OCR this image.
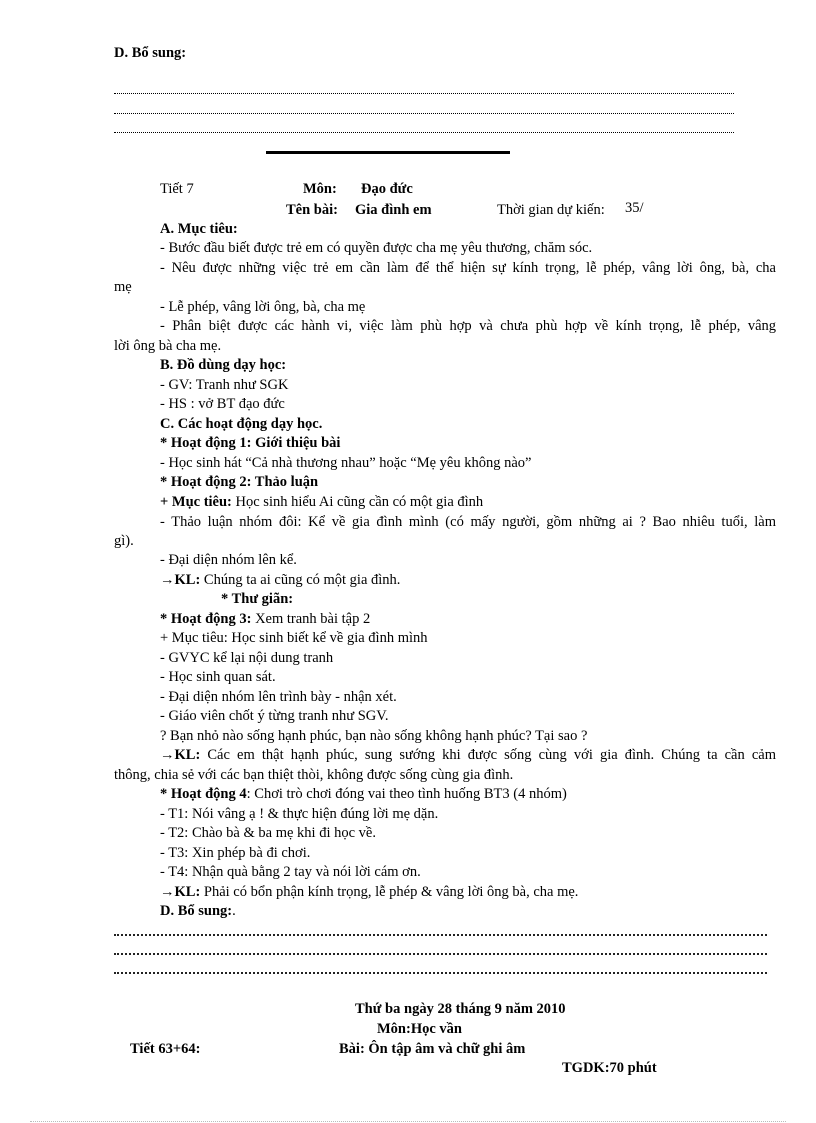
D. Bổ sung:
Tiết 7	Môn: Đạo đức
Tên bài: Gia đình em	Thời gian dự kiến: 35/
A. Mục tiêu:
- Bước đầu biết được trẻ em có quyền được cha mẹ yêu thương, chăm sóc.
- Nêu được những việc trẻ em cần làm để thể hiện sự kính trọng, lễ phép, vâng lời ông, bà, cha
mẹ
- Lễ phép, vâng lời ông, bà, cha mẹ
- Phân biệt được các hành vi, việc làm phù hợp và chưa phù hợp về kính trọng, lễ phép, vâng
lời ông bà cha mẹ.
B. Đồ dùng dạy học:
- GV: Tranh như SGK
- HS : vở BT đạo đức
C. Các hoạt động dạy học.
* Hoạt động 1: Giới thiệu bài
- Học sinh hát “Cả nhà thương nhau” hoặc “Mẹ yêu không nào”
* Hoạt động 2: Thảo luận
+ Mục tiêu: Học sinh hiểu Ai cũng cần có một gia đình
- Thảo luận nhóm đôi: Kể về gia đình mình (có mấy người, gồm những ai ? Bao nhiêu tuổi, làm
gì).
- Đại diện nhóm lên kể.
→KL: Chúng ta ai cũng có một gia đình.
* Thư giãn:
* Hoạt động 3: Xem tranh bài tập 2
+ Mục tiêu: Học sinh biết kể về gia đình mình
- GVYC kể lại nội dung tranh
- Học sinh quan sát.
- Đại diện nhóm lên trình bày - nhận xét.
- Giáo viên chốt ý từng tranh như SGV.
? Bạn nhỏ nào sống hạnh phúc, bạn nào sống không hạnh phúc? Tại sao ?
→KL: Các em thật hạnh phúc, sung sướng khi được sống cùng với gia đình. Chúng ta cần cảm
thông, chia sẻ với các bạn thiệt thòi, không được sống cùng gia đình.
* Hoạt động 4: Chơi trò chơi đóng vai theo tình huống BT3 (4 nhóm)
- T1: Nói vâng ạ ! & thực hiện đúng lời mẹ dặn.
- T2: Chào bà & ba mẹ khi đi học về.
- T3: Xin phép bà đi chơi.
- T4: Nhận quà bằng 2 tay và nói lời cám ơn.
→KL: Phải có bổn phận kính trọng, lễ phép & vâng lời ông bà, cha mẹ.
D. Bổ sung:.
Thứ ba ngày 28 tháng 9 năm 2010
Môn:Học vần
Tiết 63+64:	Bài: Ôn tập âm và chữ ghi âm
TGDK:70 phút
